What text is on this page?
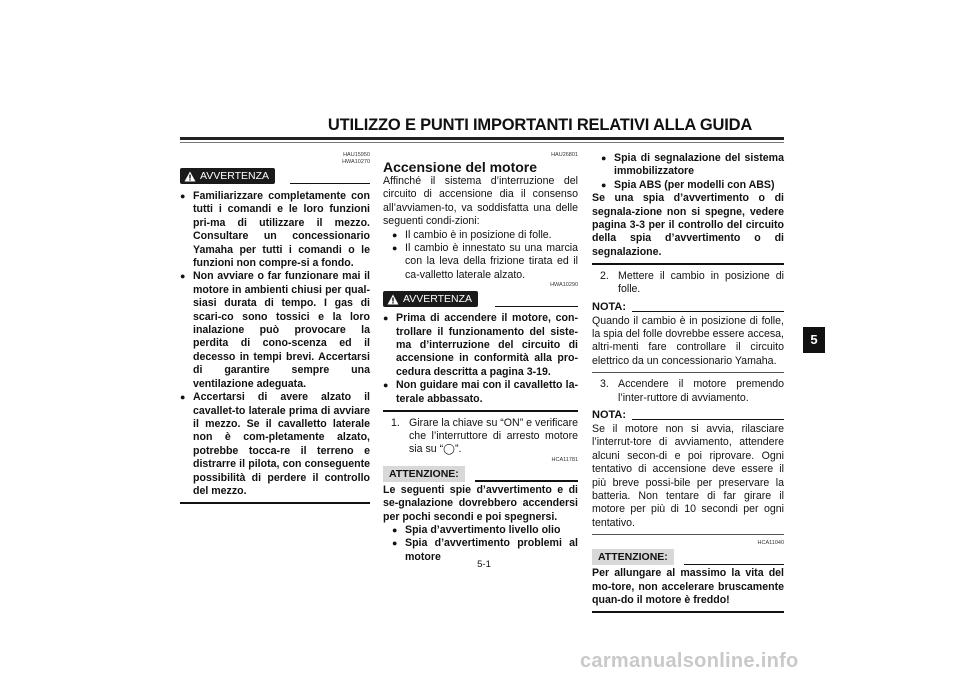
UTILIZZO E PUNTI IMPORTANTI RELATIVI ALLA GUIDA
5
HAU15950
HWA10270
AVVERTENZA
● Familiarizzare completamente con tutti i comandi e le loro funzioni pri-ma di utilizzare il mezzo. Consultare un concessionario Yamaha per tutti i comandi o le funzioni non compre-si a fondo.
● Non avviare o far funzionare mai il motore in ambienti chiusi per qual-siasi durata di tempo. I gas di scari-co sono tossici e la loro inalazione può provocare la perdita di cono-scenza ed il decesso in tempi brevi. Accertarsi di garantire sempre una ventilazione adeguata.
● Accertarsi di avere alzato il cavallet-to laterale prima di avviare il mezzo. Se il cavalletto laterale non è com-pletamente alzato, potrebbe tocca-re il terreno e distrarre il pilota, con conseguente possibilità di perdere il controllo del mezzo.
HAU26801
Accensione del motore
Affinché il sistema d’interruzione del circuito di accensione dia il consenso all’avviamen-to, va soddisfatta una delle seguenti condi-zioni:
● Il cambio è in posizione di folle.
● Il cambio è innestato su una marcia con la leva della frizione tirata ed il ca-valletto laterale alzato.
HWA10290
AVVERTENZA
● Prima di accendere il motore, con-trollare il funzionamento del siste-ma d’interruzione del circuito di accensione in conformità alla pro-cedura descritta a pagina 3-19.
● Non guidare mai con il cavalletto la-terale abbassato.
1. Girare la chiave su “ON” e verificare che l’interruttore di arresto motore sia su “◯”.
HCA11781
ATTENZIONE:
Le seguenti spie d’avvertimento e di se-gnalazione dovrebbero accendersi per pochi secondi e poi spegnersi.
● Spia d’avvertimento livello olio
● Spia d’avvertimento problemi al motore
● Spia di segnalazione del sistema immobilizzatore
● Spia ABS (per modelli con ABS)
Se una spia d’avvertimento o di segnala-zione non si spegne, vedere pagina 3-3 per il controllo del circuito della spia d’avvertimento o di segnalazione.
2. Mettere il cambio in posizione di folle.
NOTA:
Quando il cambio è in posizione di folle, la spia del folle dovrebbe essere accesa, altri-menti fare controllare il circuito elettrico da un concessionario Yamaha.
3. Accendere il motore premendo l’inter-ruttore di avviamento.
NOTA:
Se il motore non si avvia, rilasciare l’interrut-tore di avviamento, attendere alcuni secon-di e poi riprovare. Ogni tentativo di accensione deve essere il più breve possi-bile per preservare la batteria. Non tentare di far girare il motore per più di 10 secondi per ogni tentativo.
HCA11040
ATTENZIONE:
Per allungare al massimo la vita del mo-tore, non accelerare bruscamente quan-do il motore è freddo!
5-1
carmanualsonline.info
